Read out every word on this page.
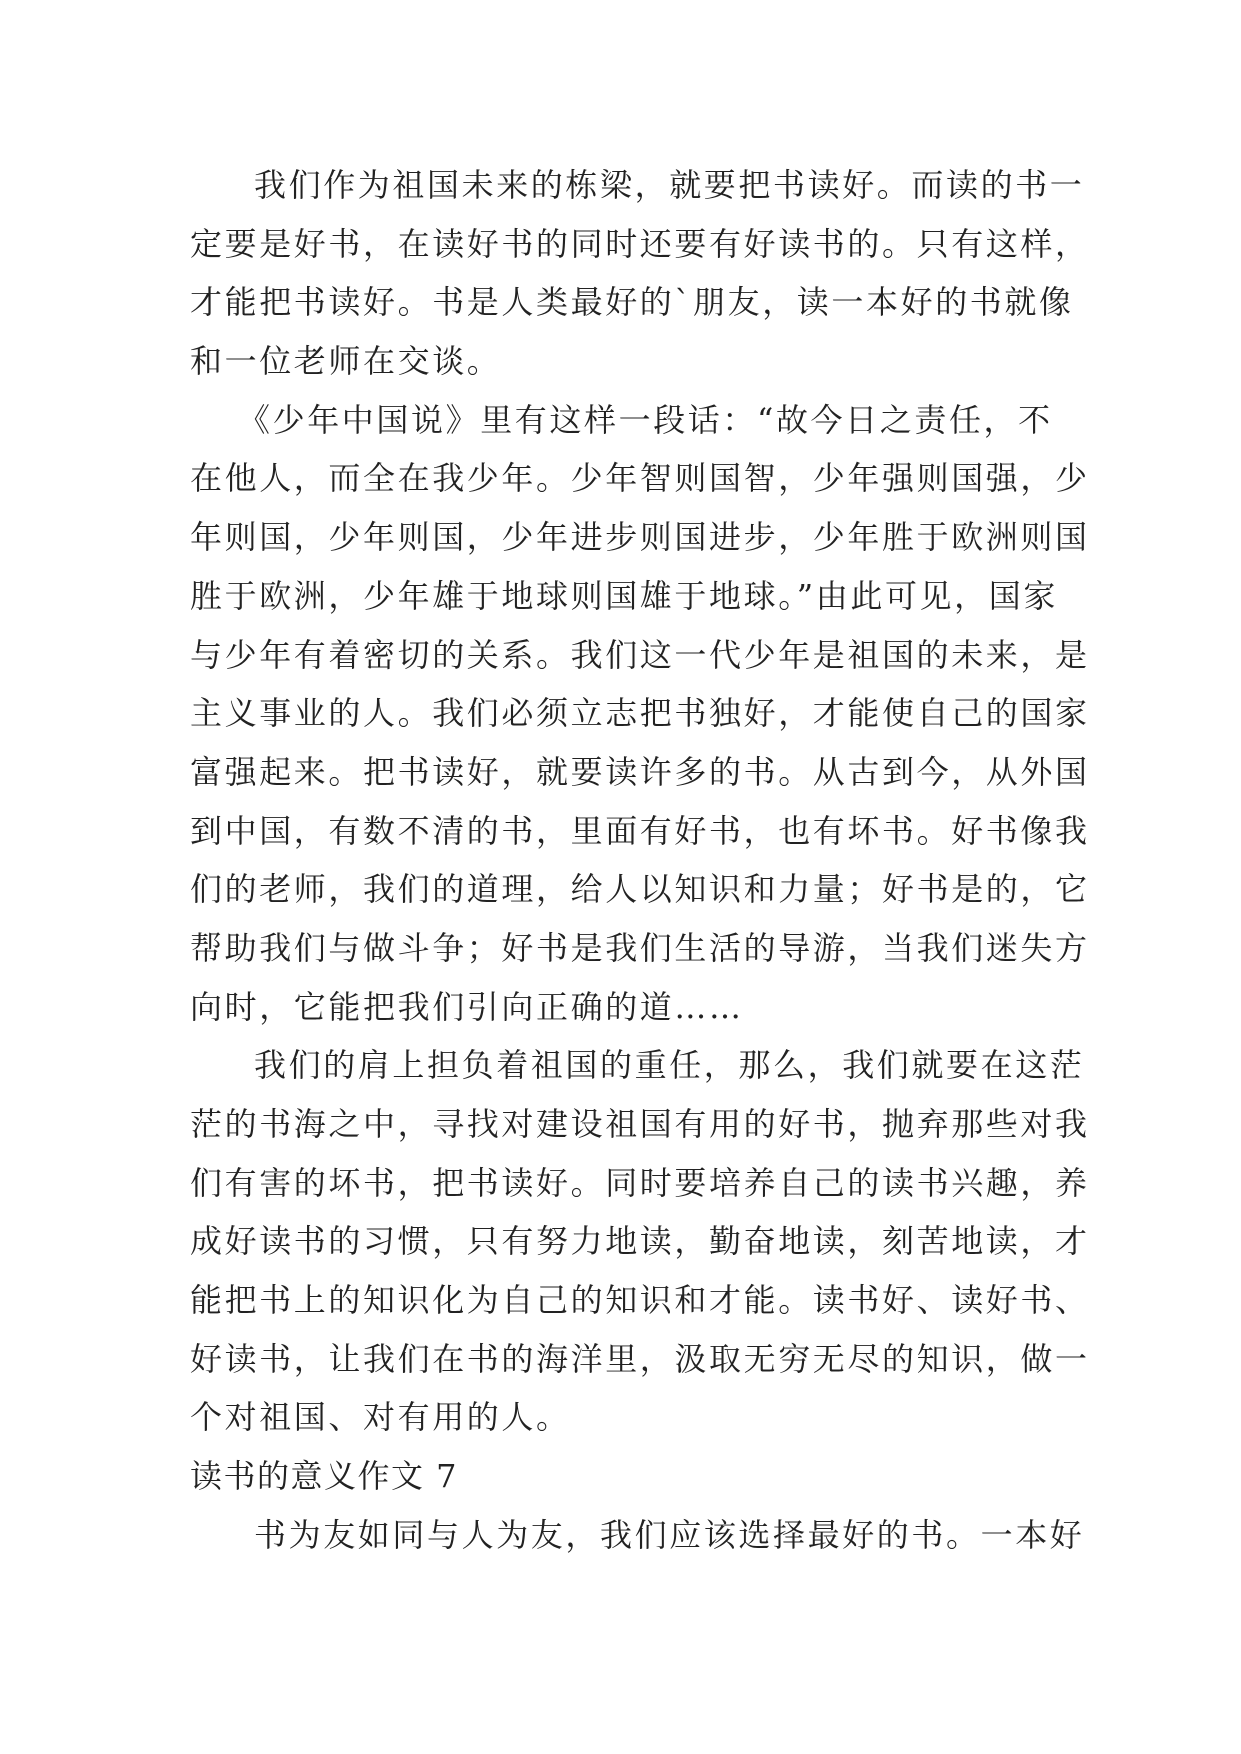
我们作为祖国未来的栋梁，就要把书读好。而读的书一
定要是好书，在读好书的同时还要有好读书的。只有这样，
才能把书读好。书是人类最好的`朋友，读一本好的书就像
和一位老师在交谈。
《少年中国说》里有这样一段话：“故今日之责任，不
在他人，而全在我少年。少年智则国智，少年强则国强，少
年则国，少年则国，少年进步则国进步，少年胜于欧洲则国
胜于欧洲，少年雄于地球则国雄于地球。”由此可见，国家
与少年有着密切的关系。我们这一代少年是祖国的未来，是
主义事业的人。我们必须立志把书独好，才能使自己的国家
富强起来。把书读好，就要读许多的书。从古到今，从外国
到中国，有数不清的书，里面有好书，也有坏书。好书像我
们的老师，我们的道理，给人以知识和力量；好书是的，它
帮助我们与做斗争；好书是我们生活的导游，当我们迷失方
向时，它能把我们引向正确的道……
我们的肩上担负着祖国的重任，那么，我们就要在这茫
茫的书海之中，寻找对建设祖国有用的好书，抛弃那些对我
们有害的坏书，把书读好。同时要培养自己的读书兴趣，养
成好读书的习惯，只有努力地读，勤奋地读，刻苦地读，才
能把书上的知识化为自己的知识和才能。读书好、读好书、
好读书，让我们在书的海洋里，汲取无穷无尽的知识，做一
个对祖国、对有用的人。
读书的意义作文 7
书为友如同与人为友，我们应该选择最好的书。一本好
